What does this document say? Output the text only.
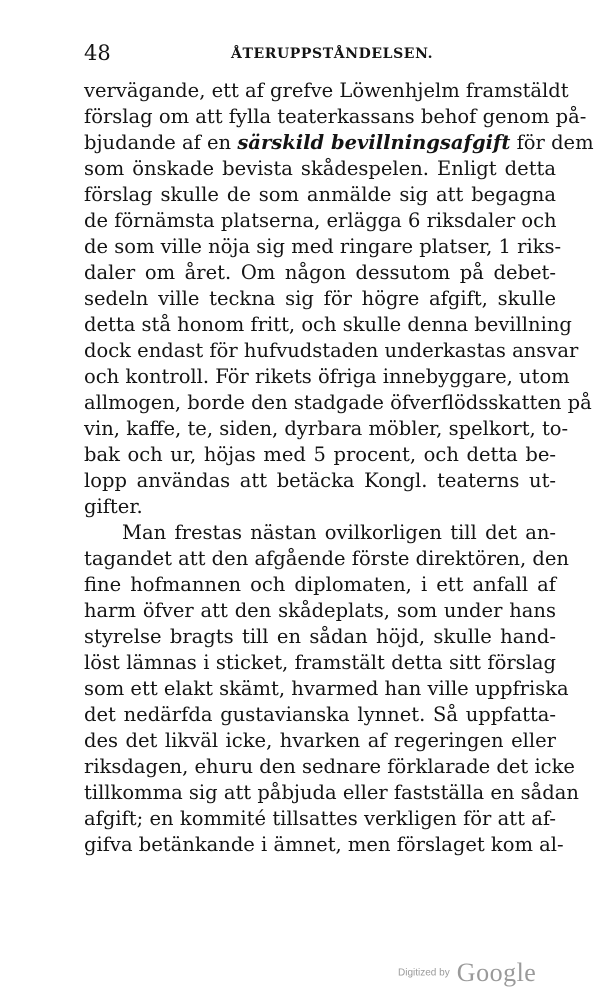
48	ÅTERUPPSTÅNDELSEN.
vervägande, ett af grefve Löwenhjelm framstäldt
förslag om att fylla teaterkassans behof genom på-
bjudande af en särskild bevillningsafgift för dem
som önskade bevista skådespelen. Enligt detta
förslag skulle de som anmälde sig att begagna
de förnämsta platserna, erlägga 6 riksdaler och
de som ville nöja sig med ringare platser, 1 riks-
daler om året. Om någon dessutom på debet-
sedeln ville teckna sig för högre afgift, skulle
detta stå honom fritt, och skulle denna bevillning
dock endast för hufvudstaden underkastas ansvar
och kontroll. För rikets öfriga innebyggare, utom
allmogen, borde den stadgade öfverflödsskatten på
vin, kaffe, te, siden, dyrbara möbler, spelkort, to-
bak och ur, höjas med 5 procent, och detta be-
lopp användas att betäcka Kongl. teaterns ut-
gifter.
Man frestas nästan ovilkorligen till det an-
tagandet att den afgående förste direktören, den
fine hofmannen och diplomaten, i ett anfall af
harm öfver att den skådeplats, som under hans
styrelse bragts till en sådan höjd, skulle hand-
löst lämnas i sticket, framstält detta sitt förslag
som ett elakt skämt, hvarmed han ville uppfriska
det nedärfda gustavianska lynnet. Så uppfatta-
des det likväl icke, hvarken af regeringen eller
riksdagen, ehuru den sednare förklarade det icke
tillkomma sig att påbjuda eller fastställa en sådan
afgift; en kommité tillsattes verkligen för att af-
gifva betänkande i ämnet, men förslaget kom al-
Digitized by Google
